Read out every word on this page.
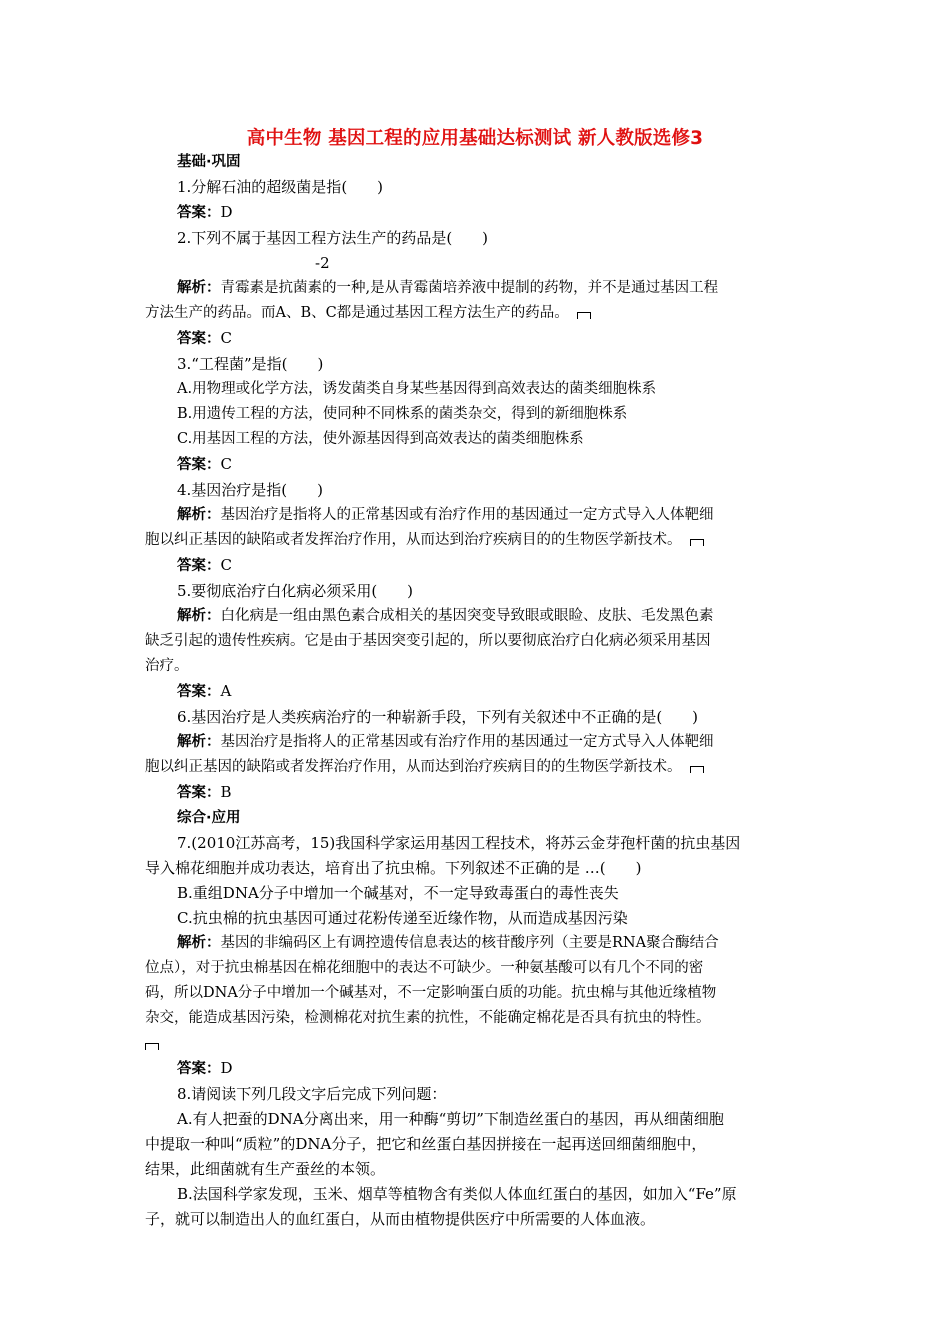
高中生物 基因工程的应用基础达标测试 新人教版选修3

基础·巩固

1.分解石油的超级菌是指(　　)

答案：D

2.下列不属于基因工程方法生产的药品是(　　)

-2

解析：青霉素是抗菌素的一种,是从青霉菌培养液中提制的药物，并不是通过基因工程

方法生产的药品。而A、B、C都是通过基因工程方法生产的药品。

答案：C

3.“工程菌”是指(　　)

A.用物理或化学方法，诱发菌类自身某些基因得到高效表达的菌类细胞株系

B.用遗传工程的方法，使同种不同株系的菌类杂交，得到的新细胞株系

C.用基因工程的方法，使外源基因得到高效表达的菌类细胞株系

答案：C

4.基因治疗是指(　　)

解析：基因治疗是指将人的正常基因或有治疗作用的基因通过一定方式导入人体靶细

胞以纠正基因的缺陷或者发挥治疗作用，从而达到治疗疾病目的的生物医学新技术。

答案：C

5.要彻底治疗白化病必须采用(　　)

解析：白化病是一组由黑色素合成相关的基因突变导致眼或眼睑、皮肤、毛发黑色素

缺乏引起的遗传性疾病。它是由于基因突变引起的，所以要彻底治疗白化病必须采用基因

治疗。

答案：A

6.基因治疗是人类疾病治疗的一种崭新手段，下列有关叙述中不正确的是(　　)

解析：基因治疗是指将人的正常基因或有治疗作用的基因通过一定方式导入人体靶细

胞以纠正基因的缺陷或者发挥治疗作用，从而达到治疗疾病目的的生物医学新技术。

答案：B

综合·应用

7.(2010江苏高考，15)我国科学家运用基因工程技术，将苏云金芽孢杆菌的抗虫基因

导入棉花细胞并成功表达，培育出了抗虫棉。下列叙述不正确的是 …(　　)

B.重组DNA分子中增加一个碱基对，不一定导致毒蛋白的毒性丧失

C.抗虫棉的抗虫基因可通过花粉传递至近缘作物，从而造成基因污染

解析：基因的非编码区上有调控遗传信息表达的核苷酸序列（主要是RNA聚合酶结合

位点），对于抗虫棉基因在棉花细胞中的表达不可缺少。一种氨基酸可以有几个不同的密

码，所以DNA分子中增加一个碱基对，不一定影响蛋白质的功能。抗虫棉与其他近缘植物

杂交，能造成基因污染，检测棉花对抗生素的抗性，不能确定棉花是否具有抗虫的特性。

答案：D

8.请阅读下列几段文字后完成下列问题：

A.有人把蚕的DNA分离出来，用一种酶“剪切”下制造丝蛋白的基因，再从细菌细胞

中提取一种叫“质粒”的DNA分子，把它和丝蛋白基因拼接在一起再送回细菌细胞中，

结果，此细菌就有生产蚕丝的本领。

B.法国科学家发现，玉米、烟草等植物含有类似人体血红蛋白的基因，如加入“Fe”原

子，就可以制造出人的血红蛋白，从而由植物提供医疗中所需要的人体血液。
